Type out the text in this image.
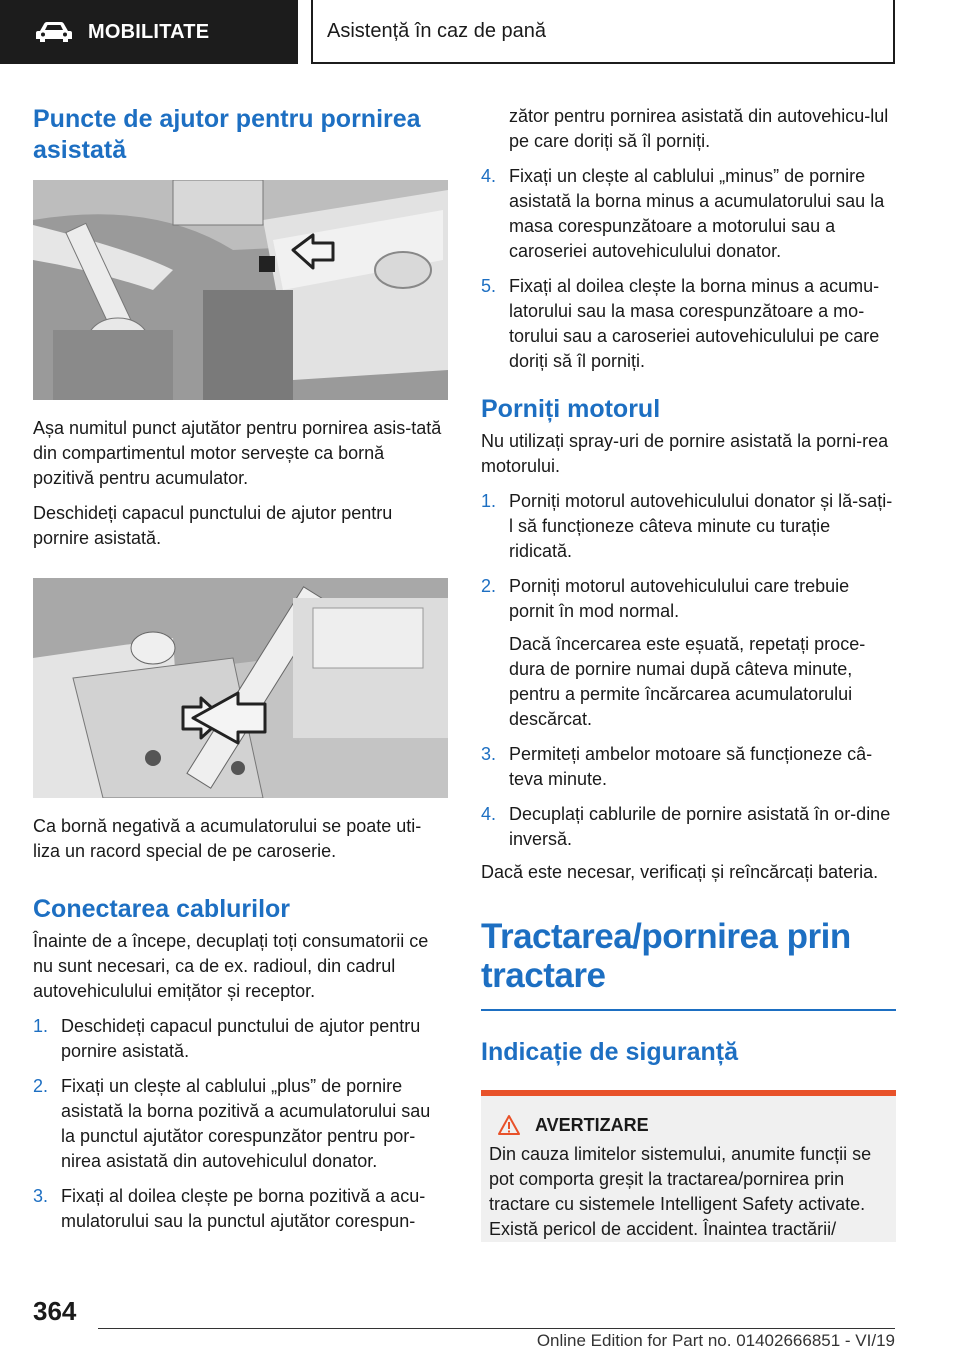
MOBILITATE	Asistență în caz de pană
Puncte de ajutor pentru pornirea asistată

Așa numitul punct ajutător pentru pornirea asis-tată din compartimentul motor servește ca bornă pozitivă pentru acumulator.

Deschideți capacul punctului de ajutor pentru pornire asistată.

Ca bornă negativă a acumulatorului se poate uti-liza un racord special de pe caroserie.

Conectarea cablurilor

Înainte de a începe, decuplați toți consumatorii ce nu sunt necesari, ca de ex. radioul, din cadrul autovehiculului emițător și receptor.

1. Deschideți capacul punctului de ajutor pentru pornire asistată.
2. Fixați un clește al cablului „plus” de pornire asistată la borna pozitivă a acumulatorului sau la punctul ajutător corespunzător pentru por-nirea asistată din autovehiculul donator.
3. Fixați al doilea clește pe borna pozitivă a acu-mulatorului sau la punctul ajutător corespun-
zător pentru pornirea asistată din autovehicu-lul pe care doriți să îl porniți.
4. Fixați un clește al cablului „minus” de pornire asistată la borna minus a acumulatorului sau la masa corespunzătoare a motorului sau a caroseriei autovehiculului donator.
5. Fixați al doilea clește la borna minus a acumu-latorului sau la masa corespunzătoare a mo-torului sau a caroseriei autovehiculului pe care doriți să îl porniți.
Porniți motorul

Nu utilizați spray-uri de pornire asistată la porni-rea motorului.

1. Porniți motorul autovehiculului donator și lă-sați-l să funcționeze câteva minute cu turație ridicată.
2. Porniți motorul autovehiculului care trebuie pornit în mod normal.
Dacă încercarea este eșuată, repetați proce-dura de pornire numai după câteva minute, pentru a permite încărcarea acumulatorului descărcat.
3. Permiteți ambelor motoare să funcționeze câ-teva minute.
4. Decuplați cablurile de pornire asistată în or-dine inversă.

Dacă este necesar, verificați și reîncărcați bateria.

Tractarea/pornirea prin tractare
Indicație de siguranță
AVERTIZARE

Din cauza limitelor sistemului, anumite funcții se pot comporta greșit la tractarea/pornirea prin tractare cu sistemele Intelligent Safety activate. Există pericol de accident. Înaintea tractării/

364
Online Edition for Part no. 01402666851 - VI/19
